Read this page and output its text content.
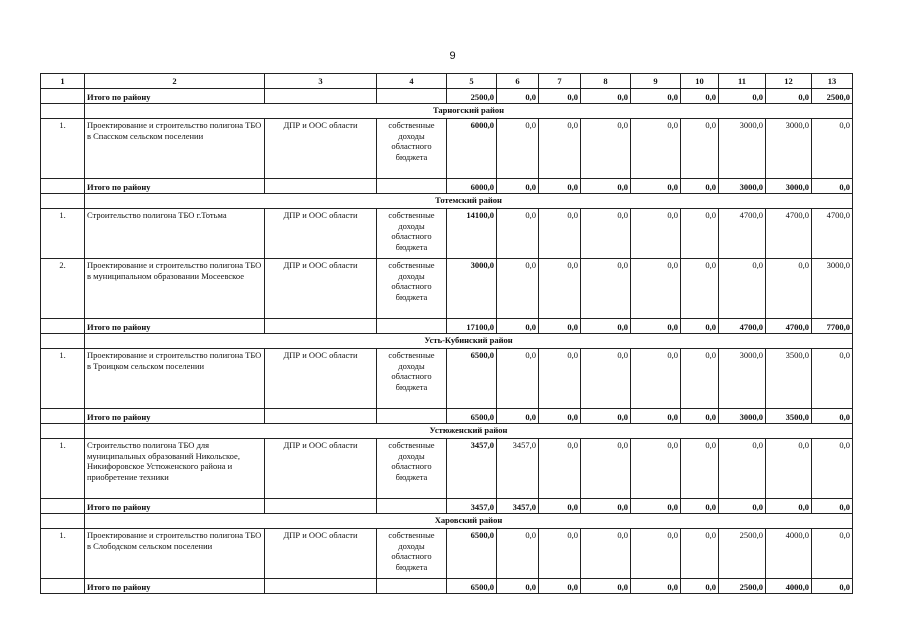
9
1	2	3	4	5	6	7	8	9	10	11	12	13
	Итого по району			2500,0	0,0	0,0	0,0	0,0	0,0	0,0	0,0	2500,0
	Тарногский район											
1.	Проектирование и строительство полигона ТБО в Спасском сельском поселении	ДПР и ООС области	собственные доходы областного бюджета	6000,0	0,0	0,0	0,0	0,0	0,0	3000,0	3000,0	0,0
	Итого по району			6000,0	0,0	0,0	0,0	0,0	0,0	3000,0	3000,0	0,0
	Тотемский район											
1.	Строительство полигона ТБО г.Тотьма	ДПР и ООС области	собственные доходы областного бюджета	14100,0	0,0	0,0	0,0	0,0	0,0	4700,0	4700,0	4700,0
2.	Проектирование и строительство полигона ТБО в муниципальном образовании Мосеевское	ДПР и ООС области	собственные доходы областного бюджета	3000,0	0,0	0,0	0,0	0,0	0,0	0,0	0,0	3000,0
	Итого по району			17100,0	0,0	0,0	0,0	0,0	0,0	4700,0	4700,0	7700,0
	Усть-Кубинский район											
1.	Проектирование и строительство полигона ТБО в Троицком сельском поселении	ДПР и ООС области	собственные доходы областного бюджета	6500,0	0,0	0,0	0,0	0,0	0,0	3000,0	3500,0	0,0
	Итого по району			6500,0	0,0	0,0	0,0	0,0	0,0	3000,0	3500,0	0,0
	Устюженский район											
1.	Строительство полигона ТБО для муниципальных образований Никольское, Никифоровское Устюженского района и приобретение техники	ДПР и ООС области	собственные доходы областного бюджета	3457,0	3457,0	0,0	0,0	0,0	0,0	0,0	0,0	0,0
	Итого по району			3457,0	3457,0	0,0	0,0	0,0	0,0	0,0	0,0	0,0
	Харовский район											
1.	Проектирование и строительство полигона ТБО в Слободском сельском поселении	ДПР и ООС области	собственные доходы областного бюджета	6500,0	0,0	0,0	0,0	0,0	0,0	2500,0	4000,0	0,0
	Итого по району			6500,0	0,0	0,0	0,0	0,0	0,0	2500,0	4000,0	0,0
